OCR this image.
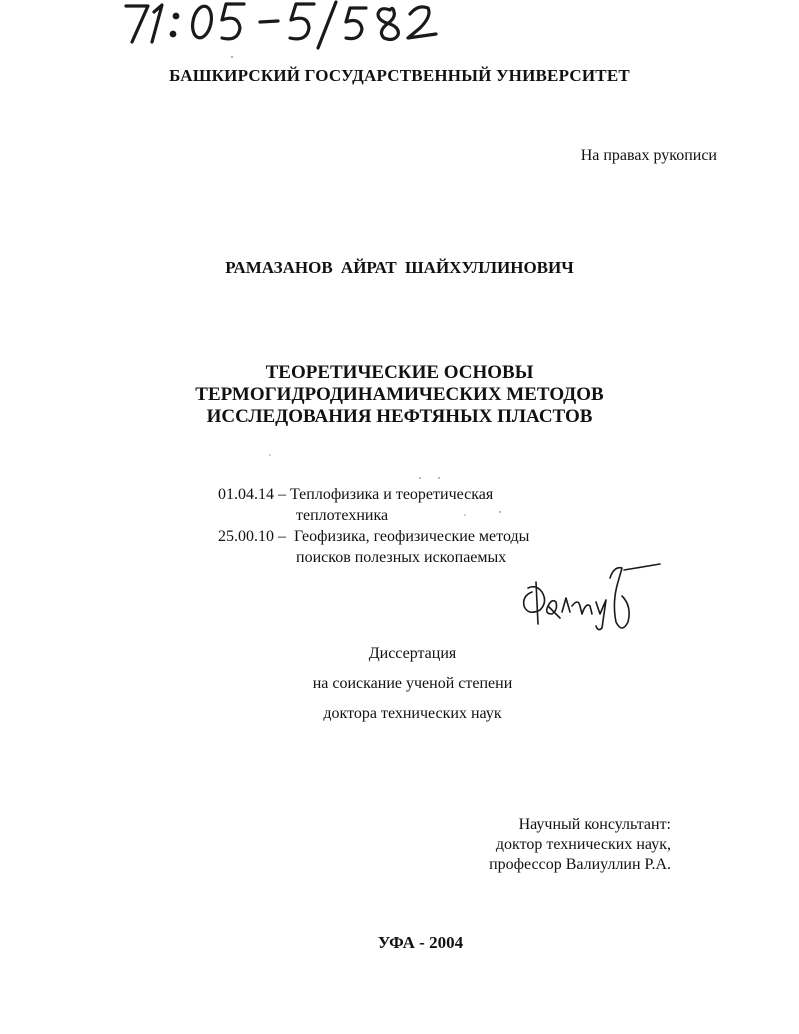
БАШКИРСКИЙ ГОСУДАРСТВЕННЫЙ УНИВЕРСИТЕТ
На правах рукописи
РАМАЗАНОВ АЙРАТ ШАЙХУЛЛИНОВИЧ
ТЕОРЕТИЧЕСКИЕ ОСНОВЫ
ТЕРМОГИДРОДИНАМИЧЕСКИХ МЕТОДОВ
ИССЛЕДОВАНИЯ НЕФТЯНЫХ ПЛАСТОВ
01.04.14 – Теплофизика и теоретическая
теплотехника
25.00.10 –  Геофизика, геофизические методы
поисков полезных ископаемых
Диссертация
на соискание ученой степени
доктора технических наук
Научный консультант:
доктор технических наук,
профессор Валиуллин Р.А.
УФА - 2004
